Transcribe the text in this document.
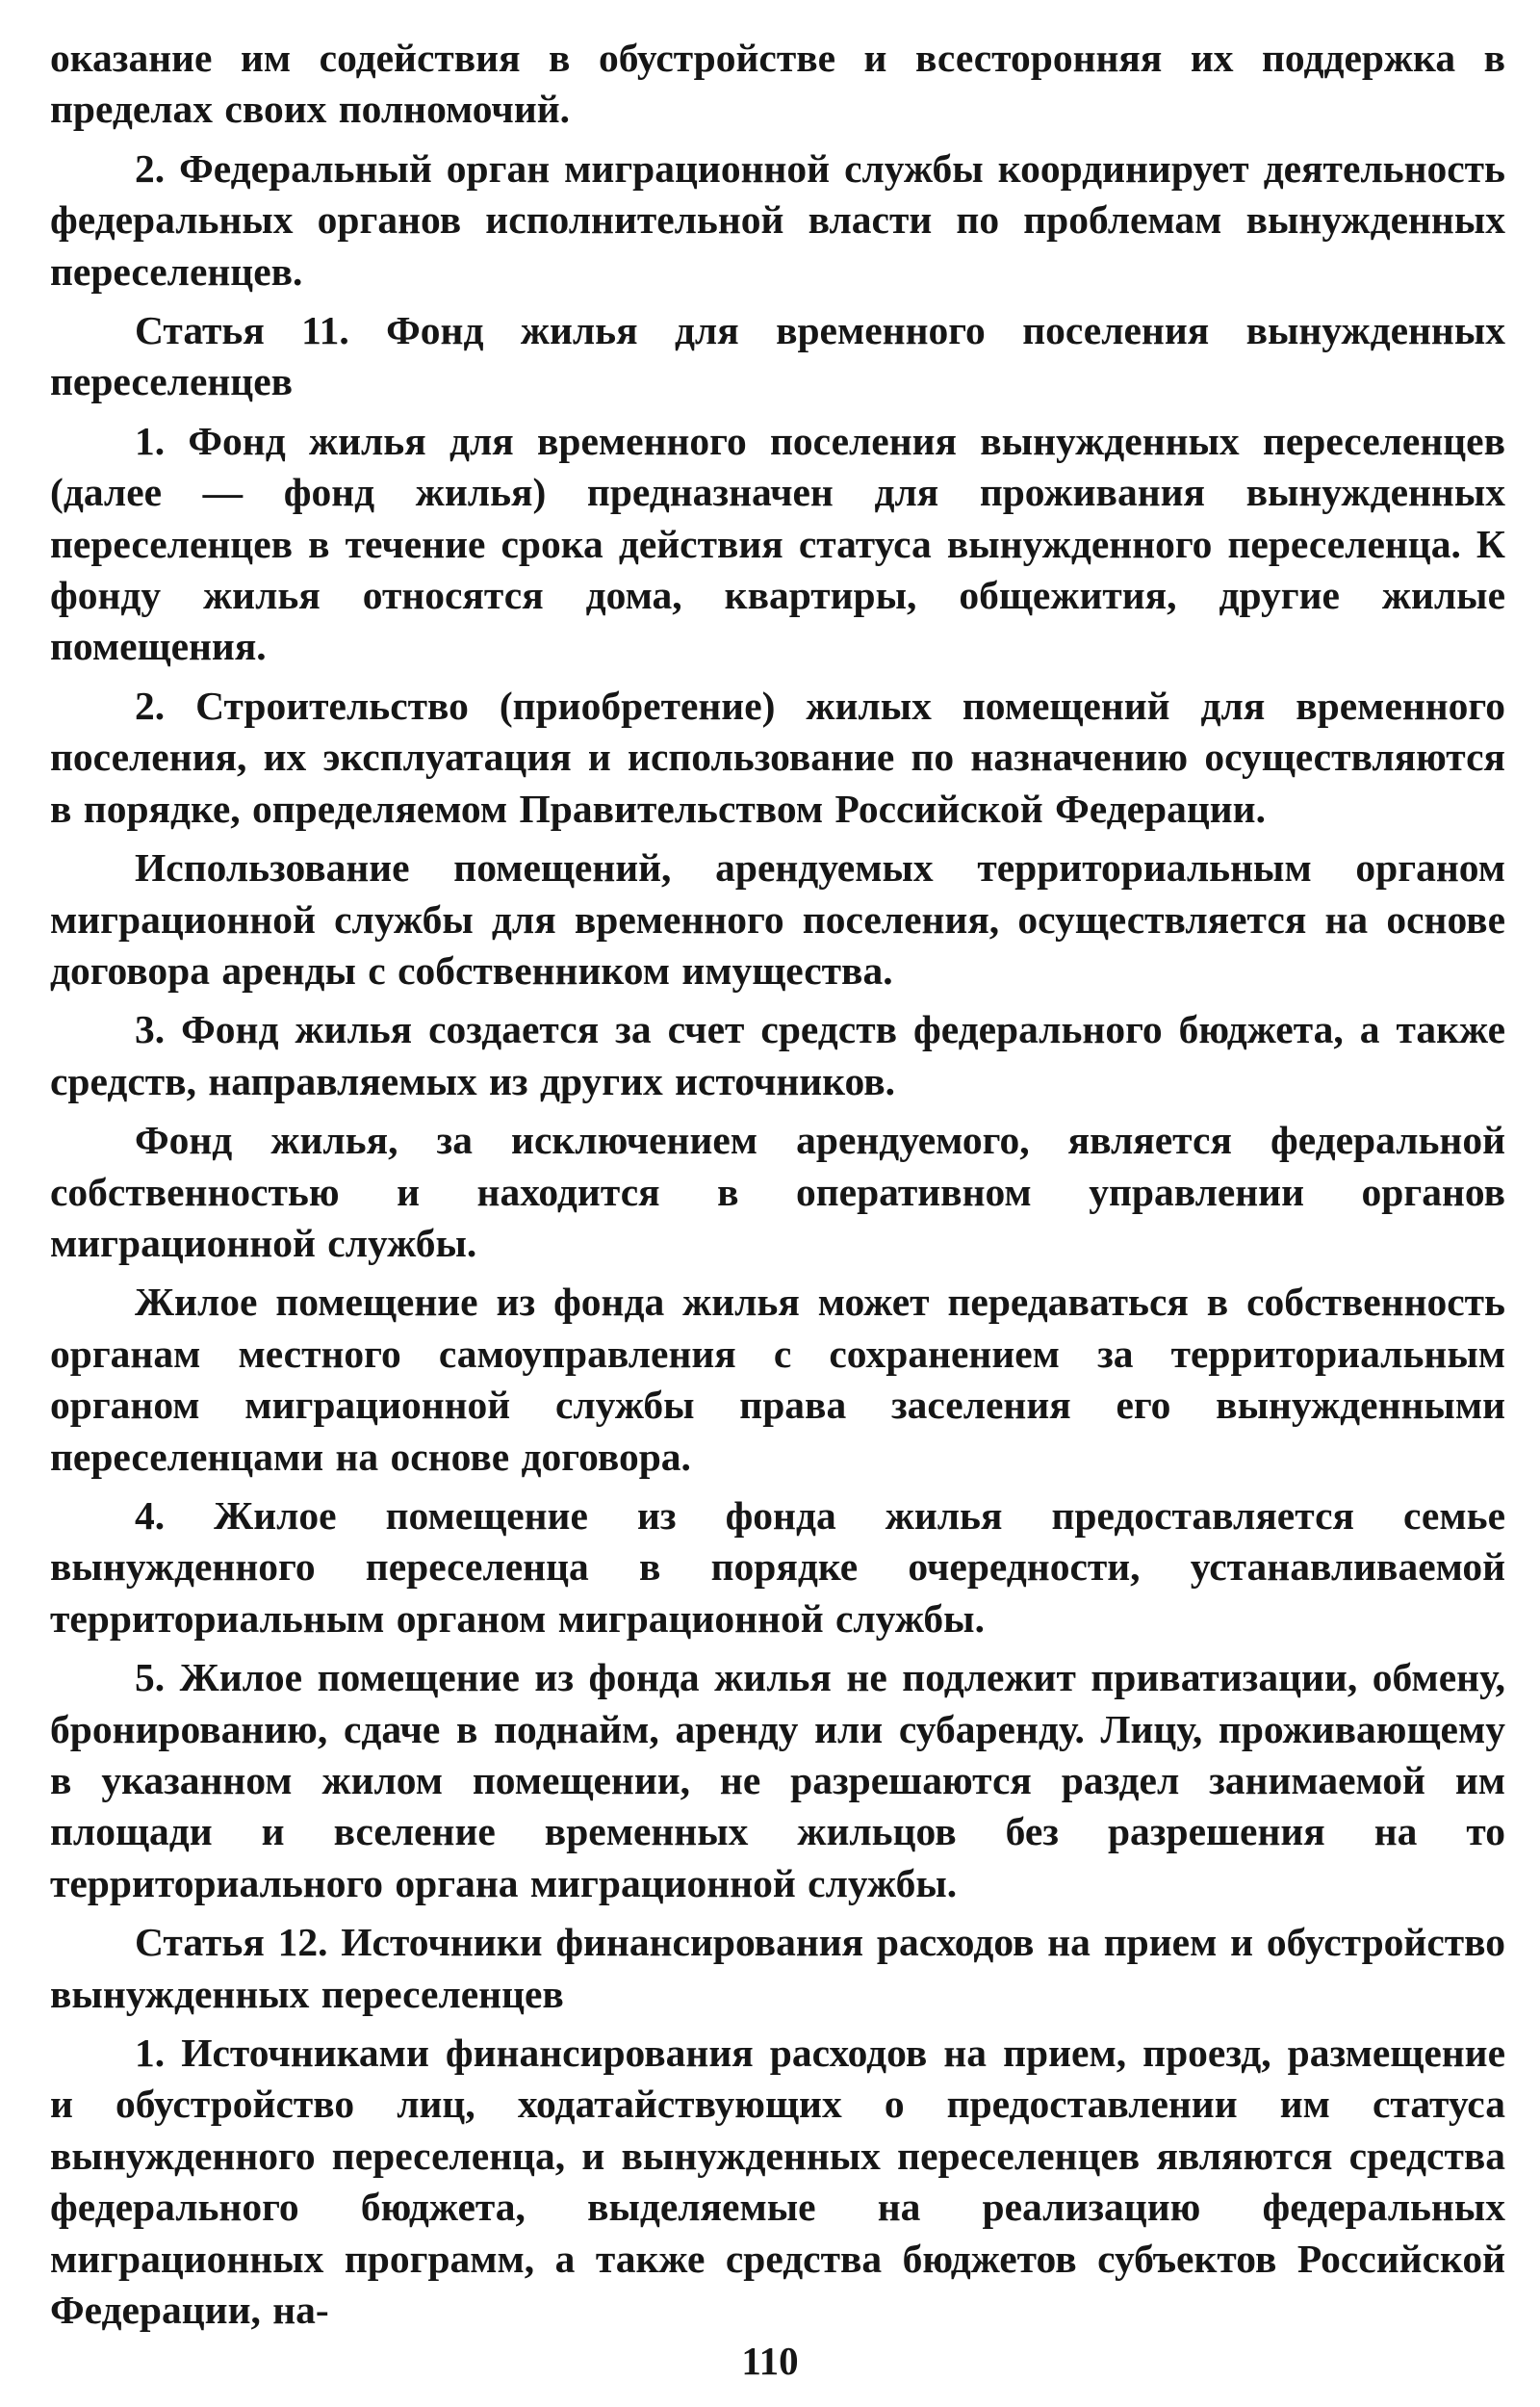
оказание им содействия в обустройстве и всесторонняя их поддержка в пределах своих полномочий.

2. Федеральный орган миграционной службы координирует деятельность федеральных органов исполнительной власти по проблемам вынужденных переселенцев.

Статья 11. Фонд жилья для временного поселения вынужденных переселенцев

1. Фонд жилья для временного поселения вынужденных переселенцев (далее — фонд жилья) предназначен для проживания вынужденных переселенцев в течение срока действия статуса вынужденного переселенца. К фонду жилья относятся дома, квартиры, общежития, другие жилые помещения.

2. Строительство (приобретение) жилых помещений для временного поселения, их эксплуатация и использование по назначению осуществляются в порядке, определяемом Правительством Российской Федерации.

Использование помещений, арендуемых территориальным органом миграционной службы для временного поселения, осуществляется на основе договора аренды с собственником имущества.

3. Фонд жилья создается за счет средств федерального бюджета, а также средств, направляемых из других источников.

Фонд жилья, за исключением арендуемого, является федеральной собственностью и находится в оперативном управлении органов миграционной службы.

Жилое помещение из фонда жилья может передаваться в собственность органам местного самоуправления с сохранением за территориальным органом миграционной службы права заселения его вынужденными переселенцами на основе договора.

4. Жилое помещение из фонда жилья предоставляется семье вынужденного переселенца в порядке очередности, устанавливаемой территориальным органом миграционной службы.

5. Жилое помещение из фонда жилья не подлежит приватизации, обмену, бронированию, сдаче в поднайм, аренду или субаренду. Лицу, проживающему в указанном жилом помещении, не разрешаются раздел занимаемой им площади и вселение временных жильцов без разрешения на то территориального органа миграционной службы.

Статья 12. Источники финансирования расходов на прием и обустройство вынужденных переселенцев

1. Источниками финансирования расходов на прием, проезд, размещение и обустройство лиц, ходатайствующих о предоставлении им статуса вынужденного переселенца, и вынужденных переселенцев являются средства федерального бюджета, выделяемые на реализацию федеральных миграционных программ, а также средства бюджетов субъектов Российской Федерации, на-

110
